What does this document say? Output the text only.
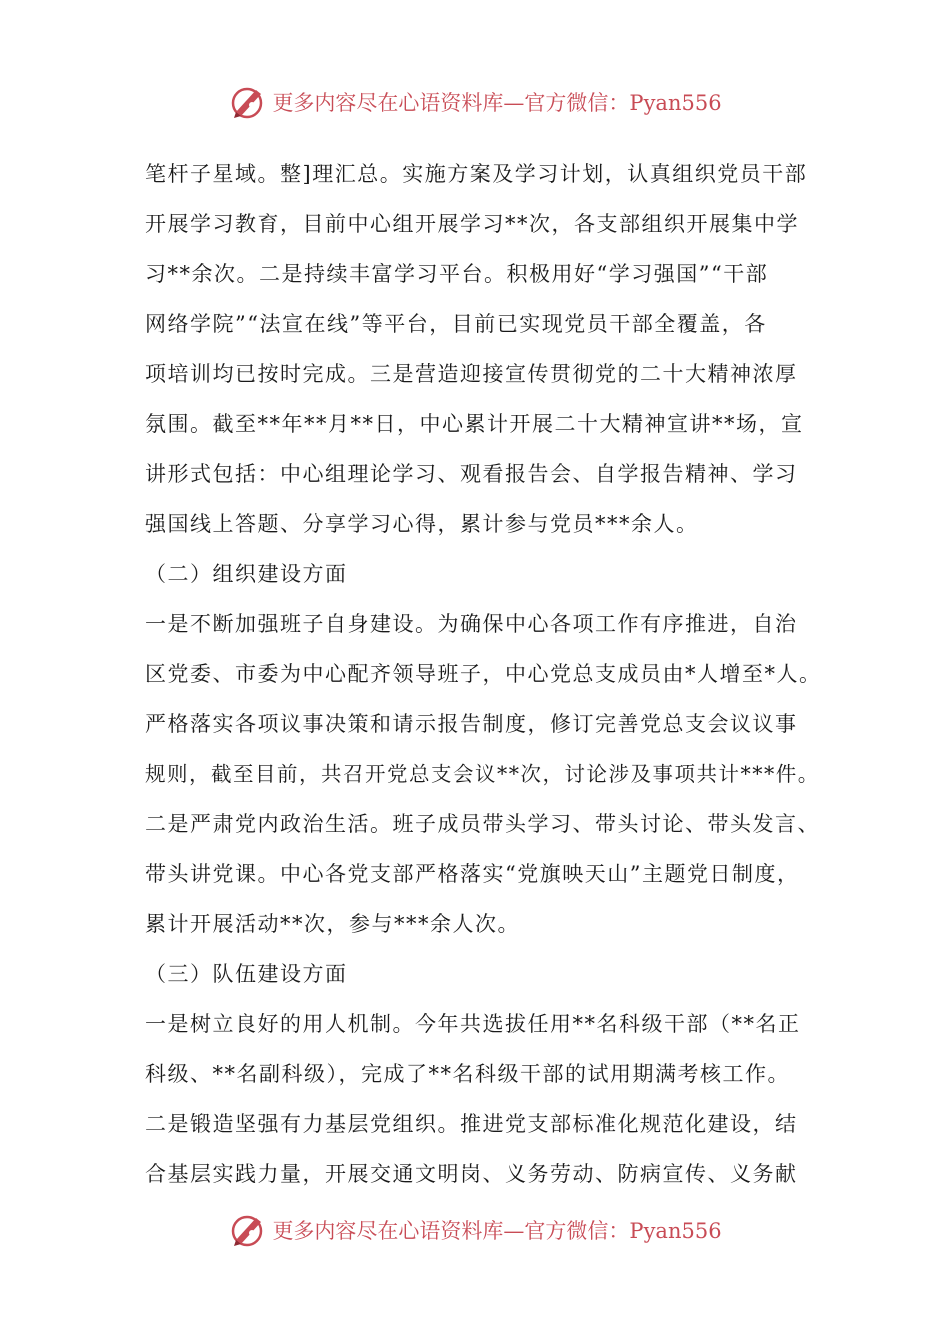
更多内容尽在心语资料库—官方微信：Pyan556
笔杆子星域。整]理汇总。实施方案及学习计划，认真组织党员干部
开展学习教育，目前中心组开展学习**次，各支部组织开展集中学
习**余次。二是持续丰富学习平台。积极用好“学习强国”“干部
网络学院”“法宣在线”等平台，目前已实现党员干部全覆盖，各
项培训均已按时完成。三是营造迎接宣传贯彻党的二十大精神浓厚
氛围。截至**年**月**日，中心累计开展二十大精神宣讲**场，宣
讲形式包括：中心组理论学习、观看报告会、自学报告精神、学习
强国线上答题、分享学习心得，累计参与党员***余人。
（二）组织建设方面
一是不断加强班子自身建设。为确保中心各项工作有序推进，自治
区党委、市委为中心配齐领导班子，中心党总支成员由*人增至*人。
严格落实各项议事决策和请示报告制度，修订完善党总支会议议事
规则，截至目前，共召开党总支会议**次，讨论涉及事项共计***件。
二是严肃党内政治生活。班子成员带头学习、带头讨论、带头发言、
带头讲党课。中心各党支部严格落实“党旗映天山”主题党日制度，
累计开展活动**次，参与***余人次。
（三）队伍建设方面
一是树立良好的用人机制。今年共选拔任用**名科级干部（**名正
科级、**名副科级），完成了**名科级干部的试用期满考核工作。
二是锻造坚强有力基层党组织。推进党支部标准化规范化建设，结
合基层实践力量，开展交通文明岗、义务劳动、防病宣传、义务献
更多内容尽在心语资料库—官方微信：Pyan556
